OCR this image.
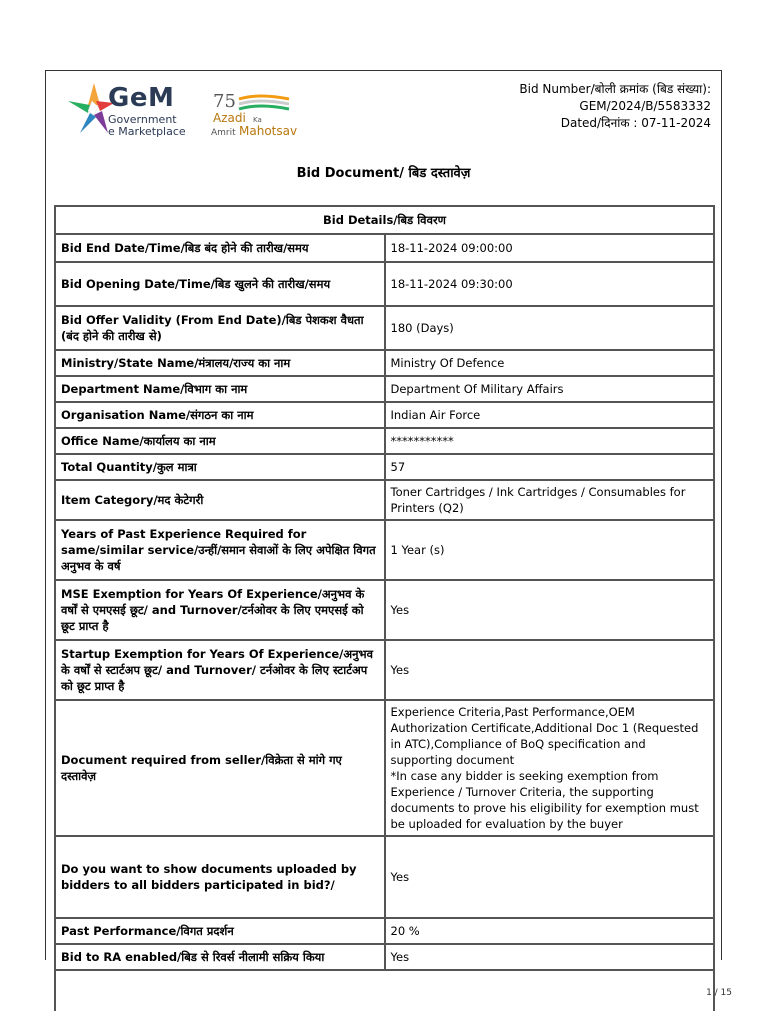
GeM
Government
e Marketplace
75
Azadi Ka
Amrit Mahotsav
Bid Number/बोली क्रमांक (बिड संख्या):
GEM/2024/B/5583332
Dated/दिनांक : 07-11-2024
Bid Document/ बिड दस्तावेज़
Bid Details/बिड विवरण	
Bid End Date/Time/बिड बंद होने की तारीख/समय	18-11-2024 09:00:00
Bid Opening Date/Time/बिड खुलने की तारीख/समय	18-11-2024 09:30:00
Bid Offer Validity (From End Date)/बिड पेशकश वैधता (बंद होने की तारीख से)	180 (Days)
Ministry/State Name/मंत्रालय/राज्य का नाम	Ministry Of Defence
Department Name/विभाग का नाम	Department Of Military Affairs
Organisation Name/संगठन का नाम	Indian Air Force
Office Name/कार्यालय का नाम	***********
Total Quantity/कुल मात्रा	57
Item Category/मद केटेगरी	Toner Cartridges / Ink Cartridges / Consumables for Printers (Q2)
Years of Past Experience Required for same/similar service/उन्हीं/समान सेवाओं के लिए अपेक्षित विगत अनुभव के वर्ष	1 Year (s)
MSE Exemption for Years Of Experience/अनुभव के वर्षों से एमएसई छूट/ and Turnover/टर्नओवर के लिए एमएसई को छूट प्राप्त है	Yes
Startup Exemption for Years Of Experience/अनुभव के वर्षों से स्टार्टअप छूट/ and Turnover/ टर्नओवर के लिए स्टार्टअप को छूट प्राप्त है	Yes
Document required from seller/विक्रेता से मांगे गए दस्तावेज़	Experience Criteria,Past Performance,OEM Authorization Certificate,Additional Doc 1 (Requested in ATC),Compliance of BoQ specification and supporting document
*In case any bidder is seeking exemption from Experience / Turnover Criteria, the supporting documents to prove his eligibility for exemption must be uploaded for evaluation by the buyer
Do you want to show documents uploaded by bidders to all bidders participated in bid?/	Yes
Past Performance/विगत प्रदर्शन	20 %
Bid to RA enabled/बिड से रिवर्स नीलामी सक्रिय किया	Yes

1 / 15
